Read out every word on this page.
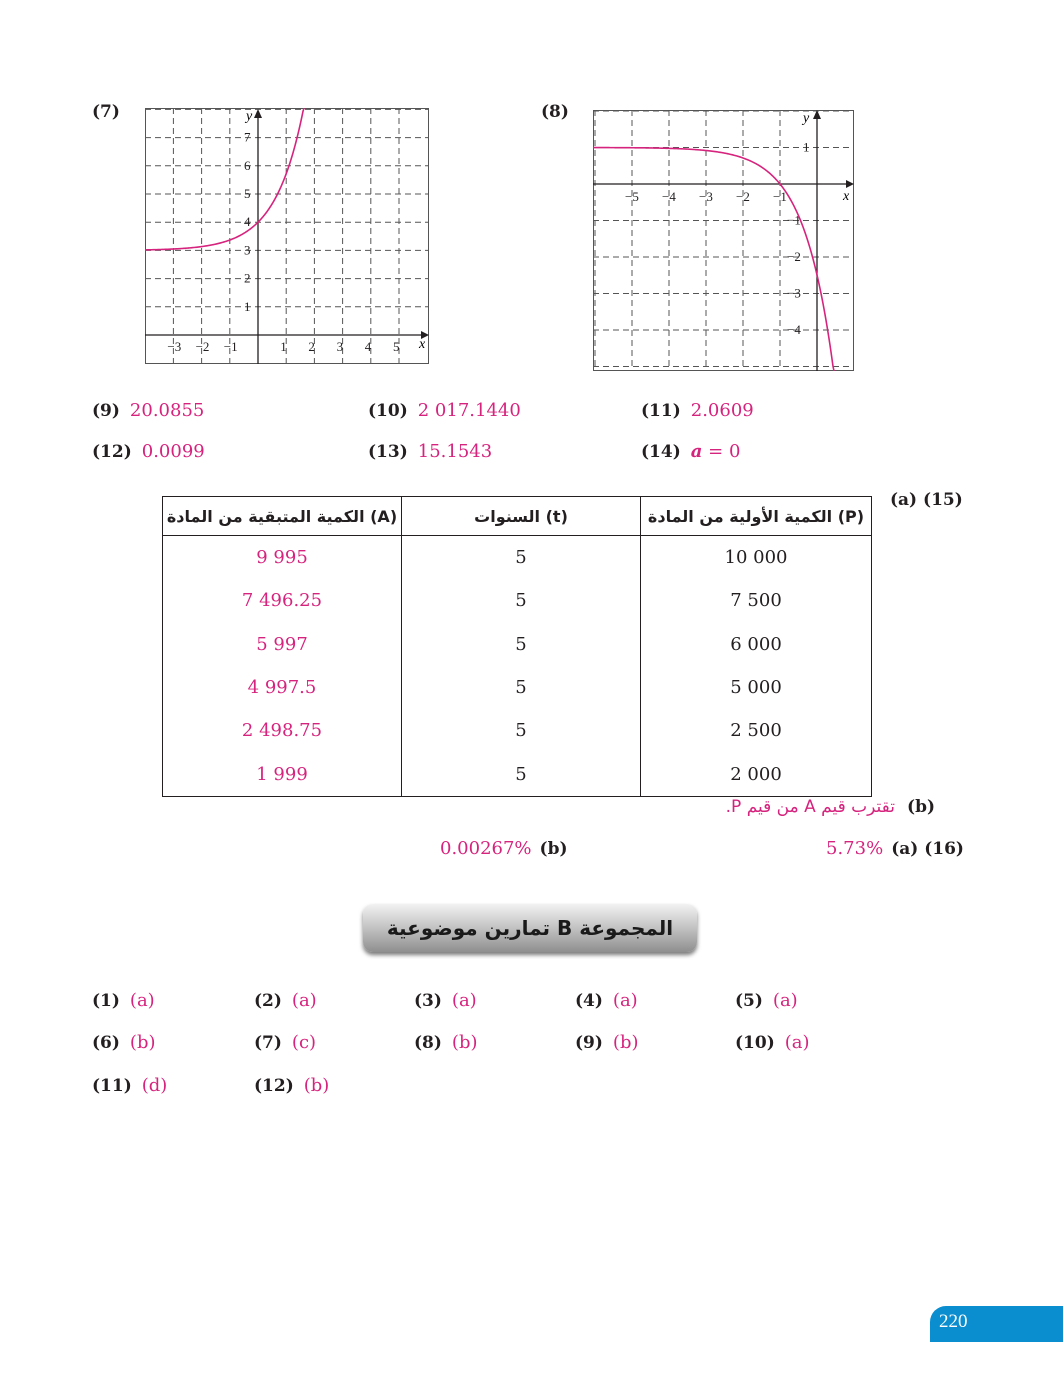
(7)
x
y
−3 −2 −1	1 2 3 4 5
1
2
3
4
5
6
7
(8)
x
y
−5 −4 −3 −2 −1
1
−1
−2
−3
−4
(9) 20.0855	(10) 2 017.1440	(11) 2.0609
(12) 0.0099	(13) 15.1543	(14) a = 0
(a) (15)
الكمية المتبقية من المادة (A)	السنوات (t)	الكمية الأولية من المادة (P)
9 995	5	10 000
7 496.25	5	7 500
5 997	5	6 000
4 997.5	5	5 000
2 498.75	5	2 500
1 999	5	2 000
(b)تقترب قيم A من قيم P.
5.73% (a) (16)
0.00267% (b)
المجموعة B تمارين موضوعية
(1) (a)	(2) (a)	(3) (a)	(4) (a)	(5) (a)
(6) (b)	(7) (c)	(8) (b)	(9) (b)	(10) (a)
(11) (d)	(12) (b)
220
